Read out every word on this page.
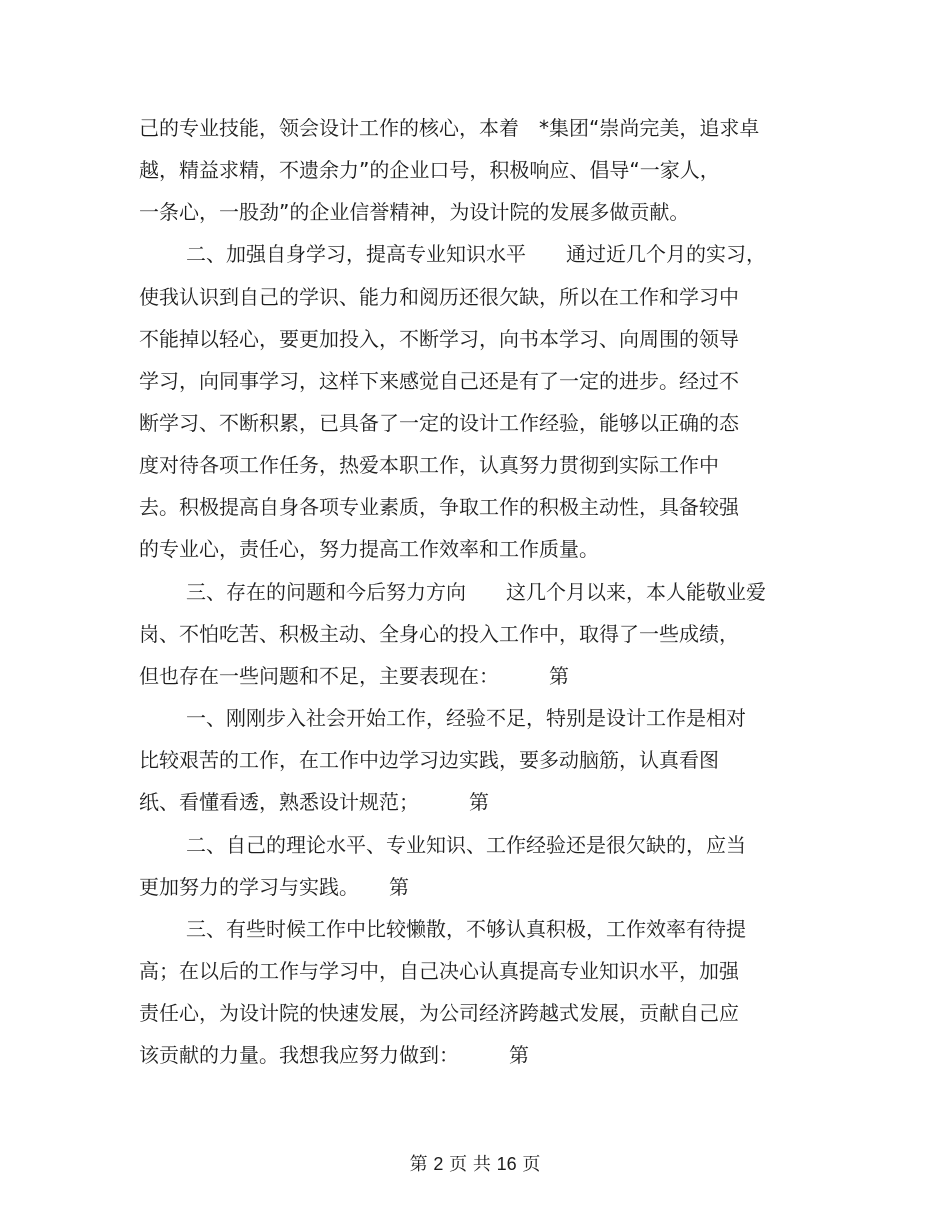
己的专业技能，领会设计工作的核心，本着　*集团“崇尚完美，追求卓
越，精益求精，不遗余力”的企业口号，积极响应、倡导“一家人，
一条心，一股劲”的企业信誉精神，为设计院的发展多做贡献。
二、加强自身学习，提高专业知识水平　　通过近几个月的实习，
使我认识到自己的学识、能力和阅历还很欠缺，所以在工作和学习中
不能掉以轻心，要更加投入，不断学习，向书本学习、向周围的领导
学习，向同事学习，这样下来感觉自己还是有了一定的进步。经过不
断学习、不断积累，已具备了一定的设计工作经验，能够以正确的态
度对待各项工作任务，热爱本职工作，认真努力贯彻到实际工作中
去。积极提高自身各项专业素质，争取工作的积极主动性，具备较强
的专业心，责任心，努力提高工作效率和工作质量。
三、存在的问题和今后努力方向　　这几个月以来，本人能敬业爱
岗、不怕吃苦、积极主动、全身心的投入工作中，取得了一些成绩，
但也存在一些问题和不足，主要表现在：　　　第
一、刚刚步入社会开始工作，经验不足，特别是设计工作是相对
比较艰苦的工作，在工作中边学习边实践，要多动脑筋，认真看图
纸、看懂看透，熟悉设计规范；　　　第
二、自己的理论水平、专业知识、工作经验还是很欠缺的，应当
更加努力的学习与实践。　　第
三、有些时候工作中比较懒散，不够认真积极，工作效率有待提
高；在以后的工作与学习中，自己决心认真提高专业知识水平，加强
责任心，为设计院的快速发展，为公司经济跨越式发展，贡献自己应
该贡献的力量。我想我应努力做到：　　　第
第 2 页 共 16 页
